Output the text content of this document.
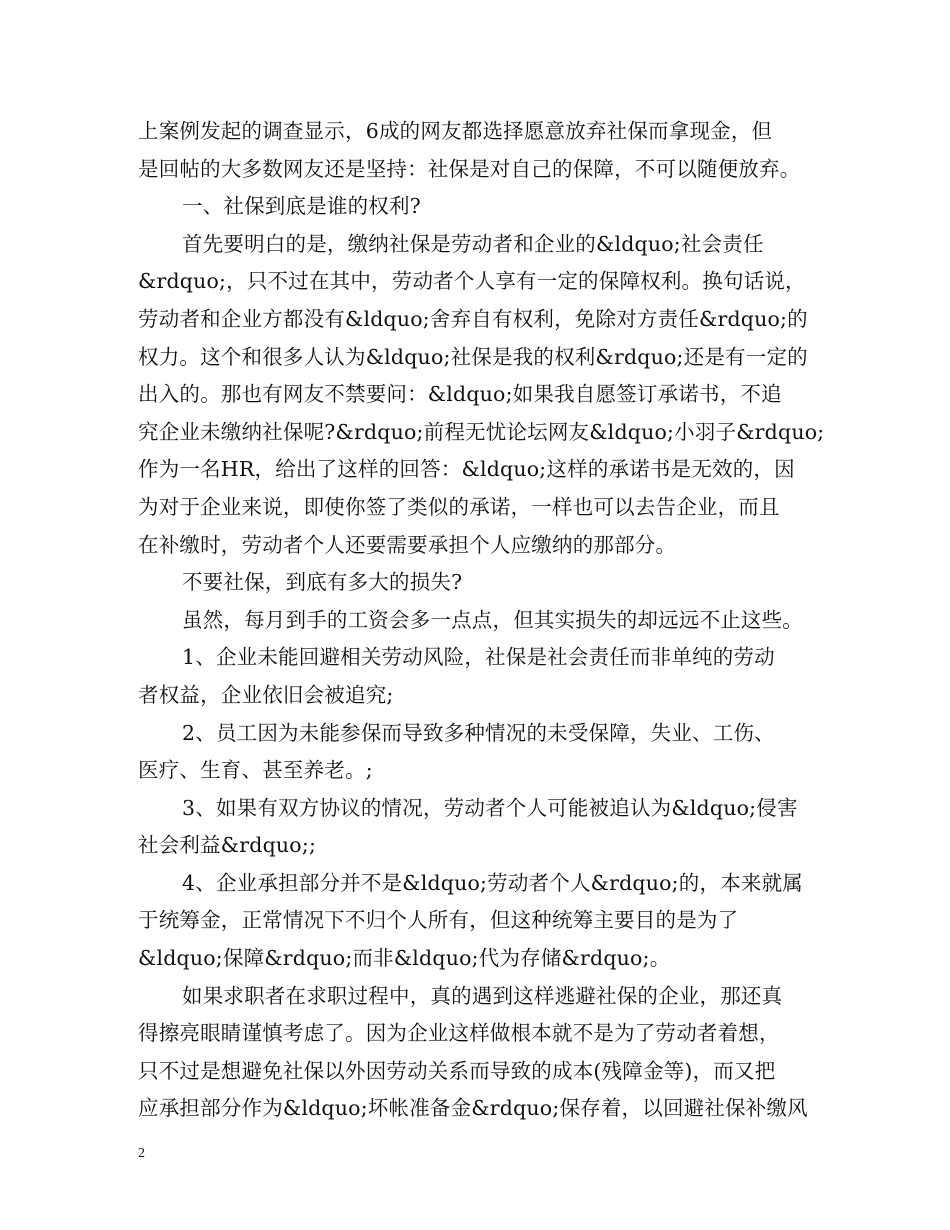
上案例发起的调查显示，6成的网友都选择愿意放弃社保而拿现金，但
是回帖的大多数网友还是坚持：社保是对自己的保障，不可以随便放弃。
一、社保到底是谁的权利?
首先要明白的是，缴纳社保是劳动者和企业的&ldquo;社会责任
&rdquo;，只不过在其中，劳动者个人享有一定的保障权利。换句话说，
劳动者和企业方都没有&ldquo;舍弃自有权利，免除对方责任&rdquo;的
权力。这个和很多人认为&ldquo;社保是我的权利&rdquo;还是有一定的
出入的。那也有网友不禁要问：&ldquo;如果我自愿签订承诺书，不追
究企业未缴纳社保呢?&rdquo;前程无忧论坛网友&ldquo;小羽子&rdquo;
作为一名HR，给出了这样的回答：&ldquo;这样的承诺书是无效的，因
为对于企业来说，即使你签了类似的承诺，一样也可以去告企业，而且
在补缴时，劳动者个人还要需要承担个人应缴纳的那部分。
不要社保，到底有多大的损失?
虽然，每月到手的工资会多一点点，但其实损失的却远远不止这些。
1、企业未能回避相关劳动风险，社保是社会责任而非单纯的劳动
者权益，企业依旧会被追究;
2、员工因为未能参保而导致多种情况的未受保障，失业、工伤、
医疗、生育、甚至养老。;
3、如果有双方协议的情况，劳动者个人可能被追认为&ldquo;侵害
社会利益&rdquo;;
4、企业承担部分并不是&ldquo;劳动者个人&rdquo;的，本来就属
于统筹金，正常情况下不归个人所有，但这种统筹主要目的是为了
&ldquo;保障&rdquo;而非&ldquo;代为存储&rdquo;。
如果求职者在求职过程中，真的遇到这样逃避社保的企业，那还真
得擦亮眼睛谨慎考虑了。因为企业这样做根本就不是为了劳动者着想，
只不过是想避免社保以外因劳动关系而导致的成本(残障金等)，而又把
应承担部分作为&ldquo;坏帐准备金&rdquo;保存着，以回避社保补缴风
2
